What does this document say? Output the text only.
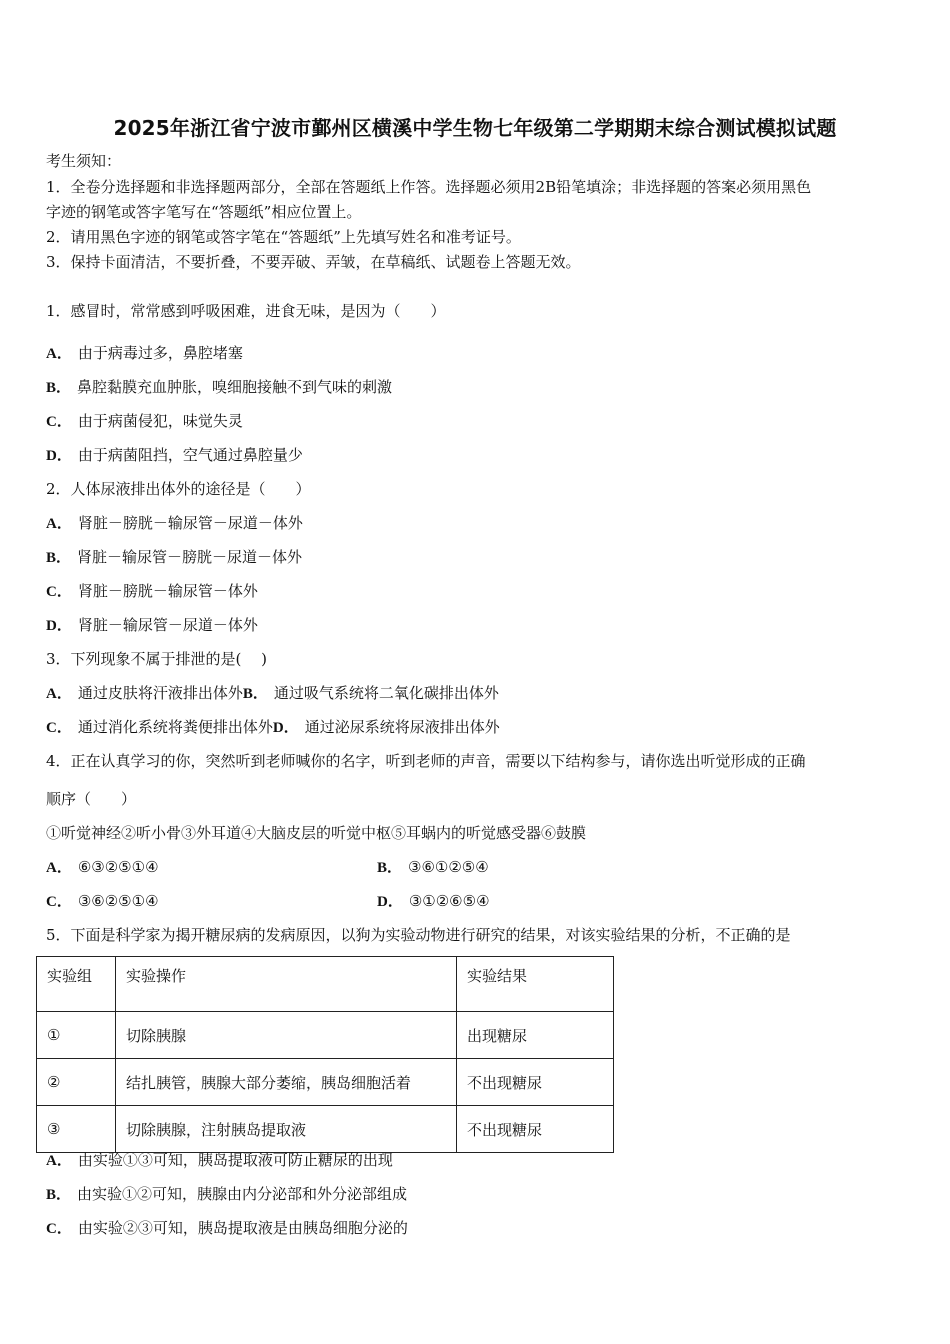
2025年浙江省宁波市鄞州区横溪中学生物七年级第二学期期末综合测试模拟试题
考生须知：
1．全卷分选择题和非选择题两部分，全部在答题纸上作答。选择题必须用2B铅笔填涂；非选择题的答案必须用黑色
字迹的钢笔或答字笔写在“答题纸”相应位置上。
2．请用黑色字迹的钢笔或答字笔在“答题纸”上先填写姓名和准考证号。
3．保持卡面清洁，不要折叠，不要弄破、弄皱，在草稿纸、试题卷上答题无效。
1．感冒时，常常感到呼吸困难，进食无味，是因为（　　）
A． 由于病毒过多，鼻腔堵塞
B． 鼻腔黏膜充血肿胀，嗅细胞接触不到气味的刺激
C． 由于病菌侵犯，味觉失灵
D． 由于病菌阻挡，空气通过鼻腔量少
2．人体尿液排出体外的途径是（　　）
A． 肾脏－膀胱－输尿管－尿道－体外
B． 肾脏－输尿管－膀胱－尿道－体外
C． 肾脏－膀胱－输尿管－体外
D． 肾脏－输尿管－尿道－体外
3．下列现象不属于排泄的是(　 )
A． 通过皮肤将汗液排出体外B． 通过吸气系统将二氧化碳排出体外
C． 通过消化系统将粪便排出体外D． 通过泌尿系统将尿液排出体外
4．正在认真学习的你，突然听到老师喊你的名字，听到老师的声音，需要以下结构参与，请你选出听觉形成的正确
顺序（　　）
①听觉神经②听小骨③外耳道④大脑皮层的听觉中枢⑤耳蜗内的听觉感受器⑥鼓膜
A． ⑥③②⑤①④	B． ③⑥①②⑤④
C． ③⑥②⑤①④	D． ③①②⑥⑤④
5．下面是科学家为揭开糖尿病的发病原因，以狗为实验动物进行研究的结果，对该实验结果的分析，不正确的是
实验组	实验操作	实验结果
①	切除胰腺	出现糖尿
②	结扎胰管，胰腺大部分萎缩，胰岛细胞活着	不出现糖尿
③	切除胰腺，注射胰岛提取液	不出现糖尿
A． 由实验①③可知，胰岛提取液可防止糖尿的出现
B． 由实验①②可知，胰腺由内分泌部和外分泌部组成
C． 由实验②③可知，胰岛提取液是由胰岛细胞分泌的
